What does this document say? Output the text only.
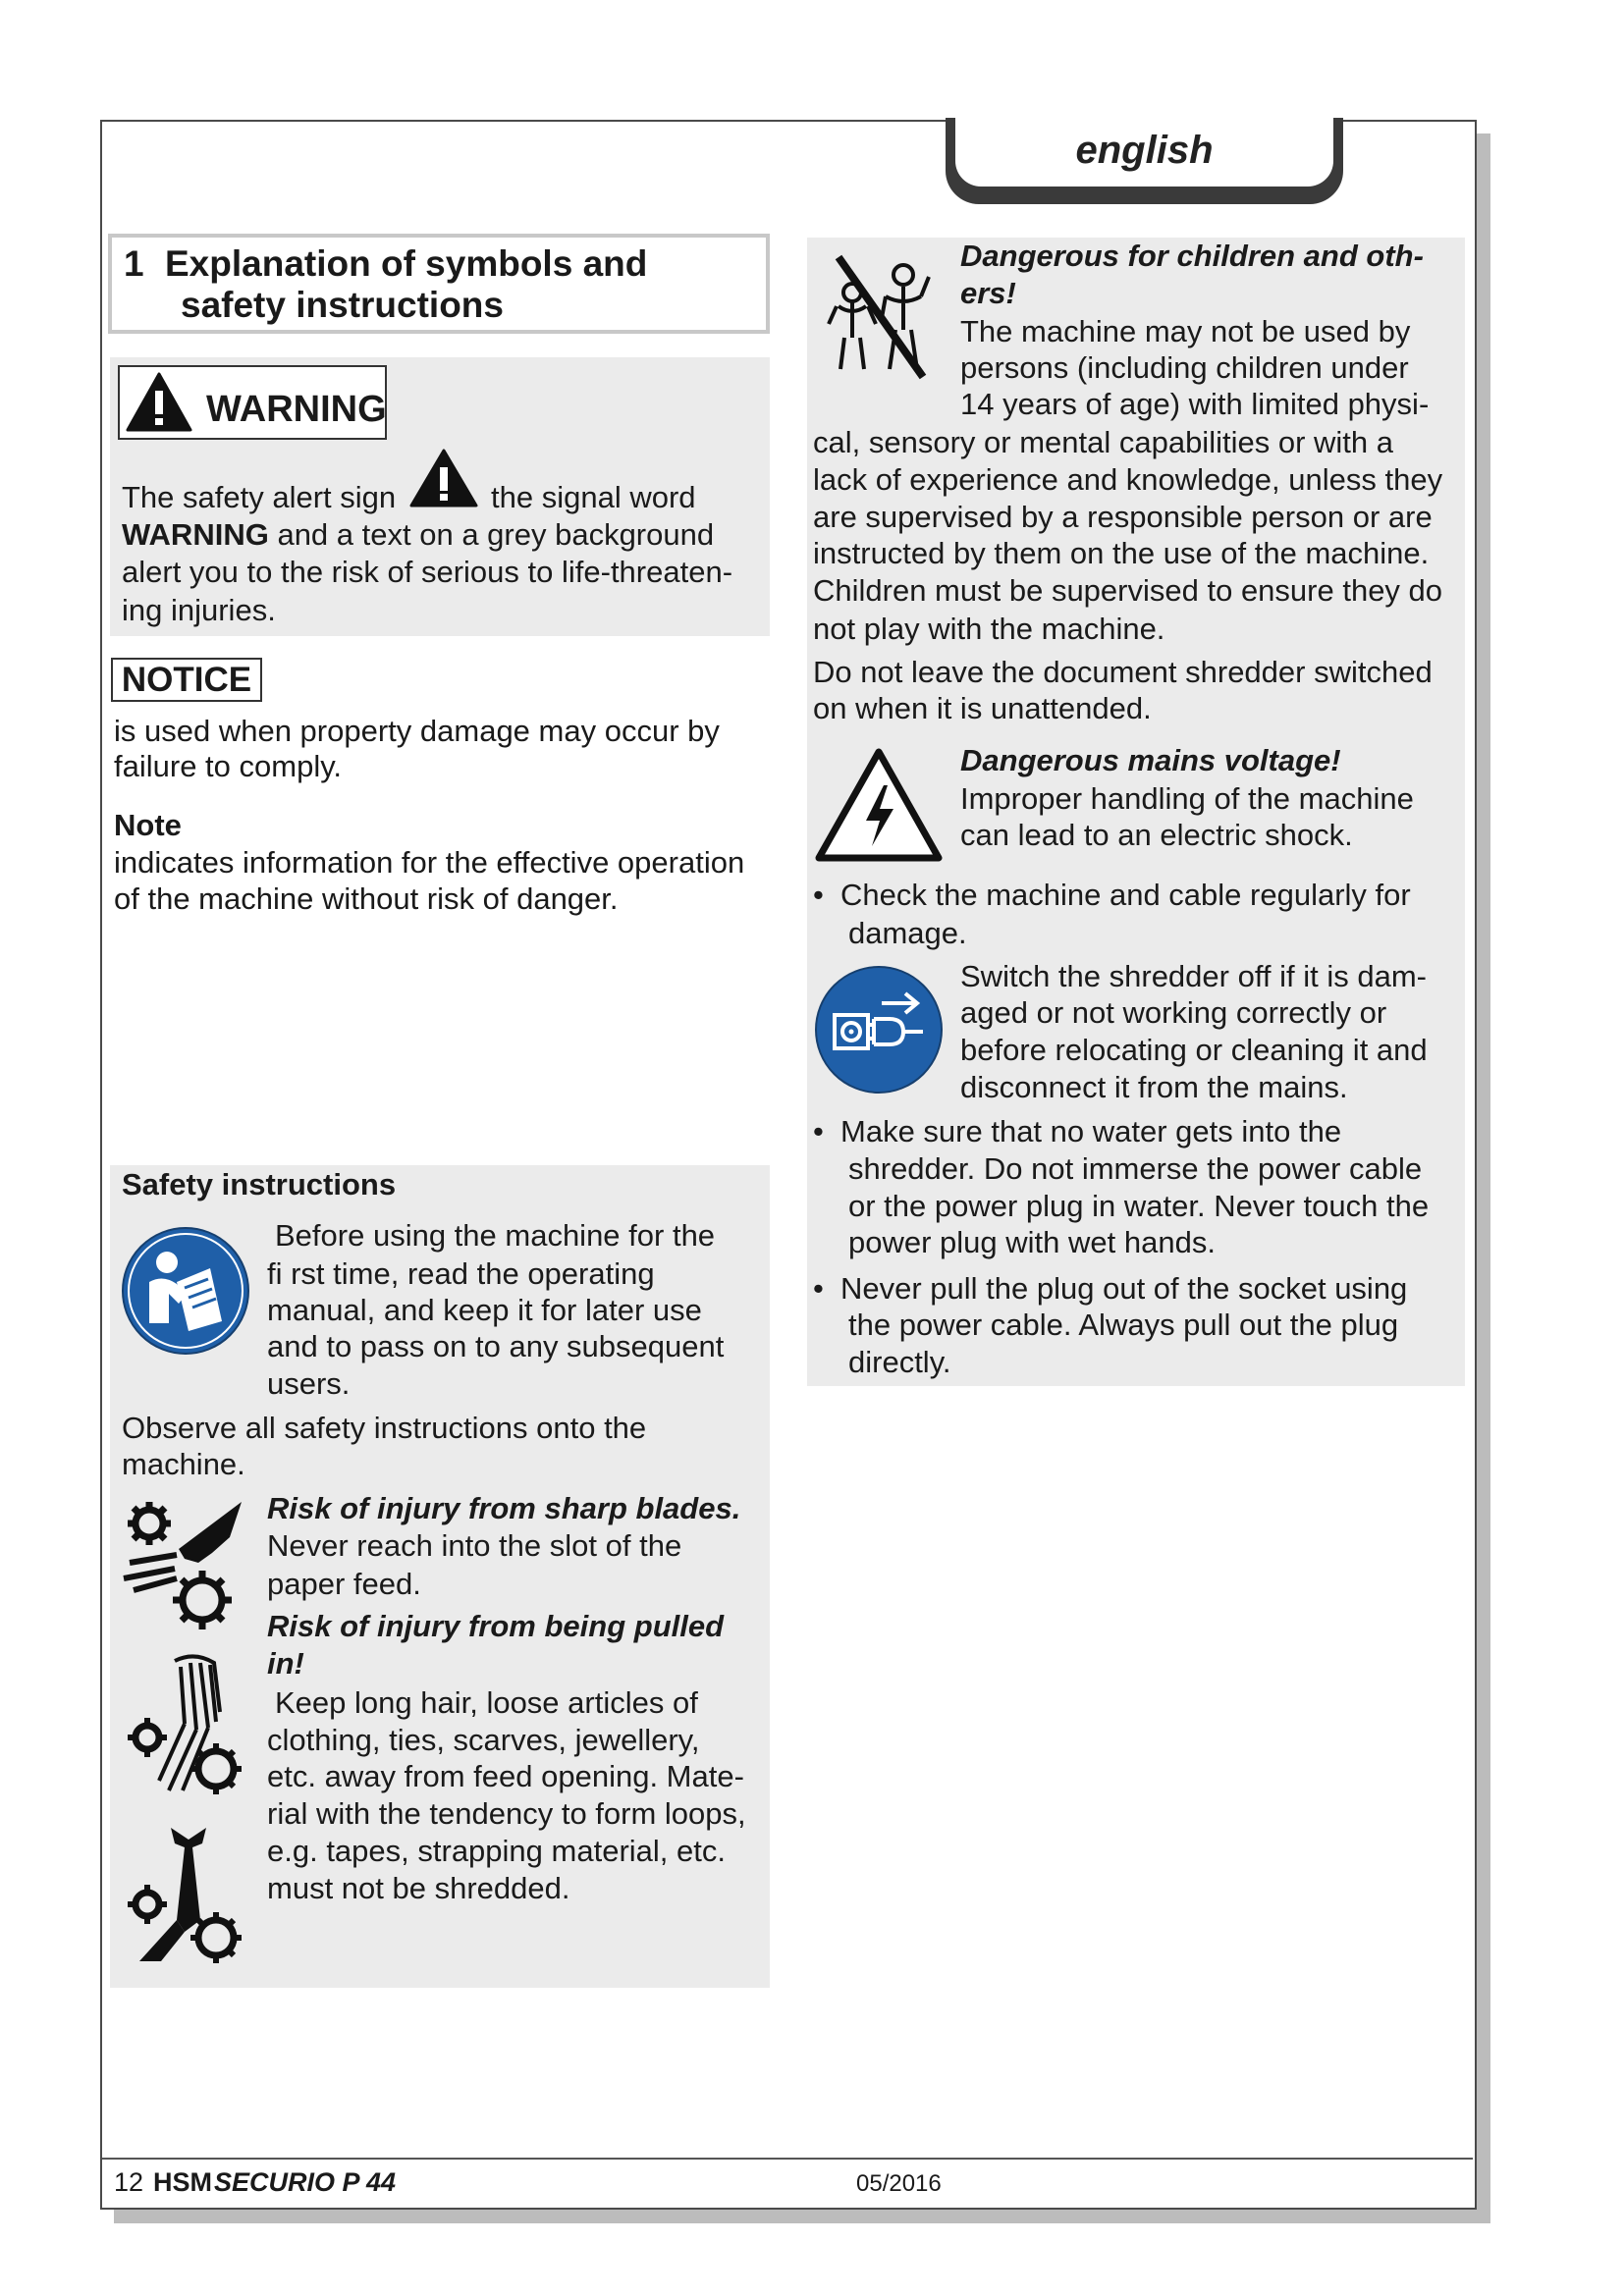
english
1 Explanation of symbols and
safety instructions
WARNING
The safety alert sign	the signal word
WARNING and a text on a grey background
alert you to the risk of serious to life-threaten-
ing injuries.
NOTICE
is used when property damage may occur by
failure to comply.
Note
indicates information for the effective operation
of the machine without risk of danger.
Safety instructions
Before using the machine for the
fi rst time, read the operating
manual, and keep it for later use
and to pass on to any subsequent
users.
Observe all safety instructions onto the
machine.
Risk of injury from sharp blades.
Never reach into the slot of the
paper feed.
Risk of injury from being pulled
in!
Keep long hair, loose articles of
clothing, ties, scarves, jewellery,
etc. away from feed opening. Mate-
rial with the tendency to form loops,
e.g. tapes, strapping material, etc.
must not be shredded.
Dangerous for children and oth-
ers!
The machine may not be used by
persons (including children under
14 years of age) with limited physi-
cal, sensory or mental capabilities or with a
lack of experience and knowledge, unless they
are supervised by a responsible person or are
instructed by them on the use of the machine.
Children must be supervised to ensure they do
not play with the machine.
Do not leave the document shredder switched
on when it is unattended.
Dangerous mains voltage!
Improper handling of the machine
can lead to an electric shock.
• Check the machine and cable regularly for
damage.
Switch the shredder off if it is dam-
aged or not working correctly or
before relocating or cleaning it and
disconnect it from the mains.
• Make sure that no water gets into the
shredder. Do not immerse the power cable
or the power plug in water. Never touch the
power plug with wet hands.
• Never pull the plug out of the socket using
the power cable. Always pull out the plug
directly.
12 HSM SECURIO P 44	05/2016
